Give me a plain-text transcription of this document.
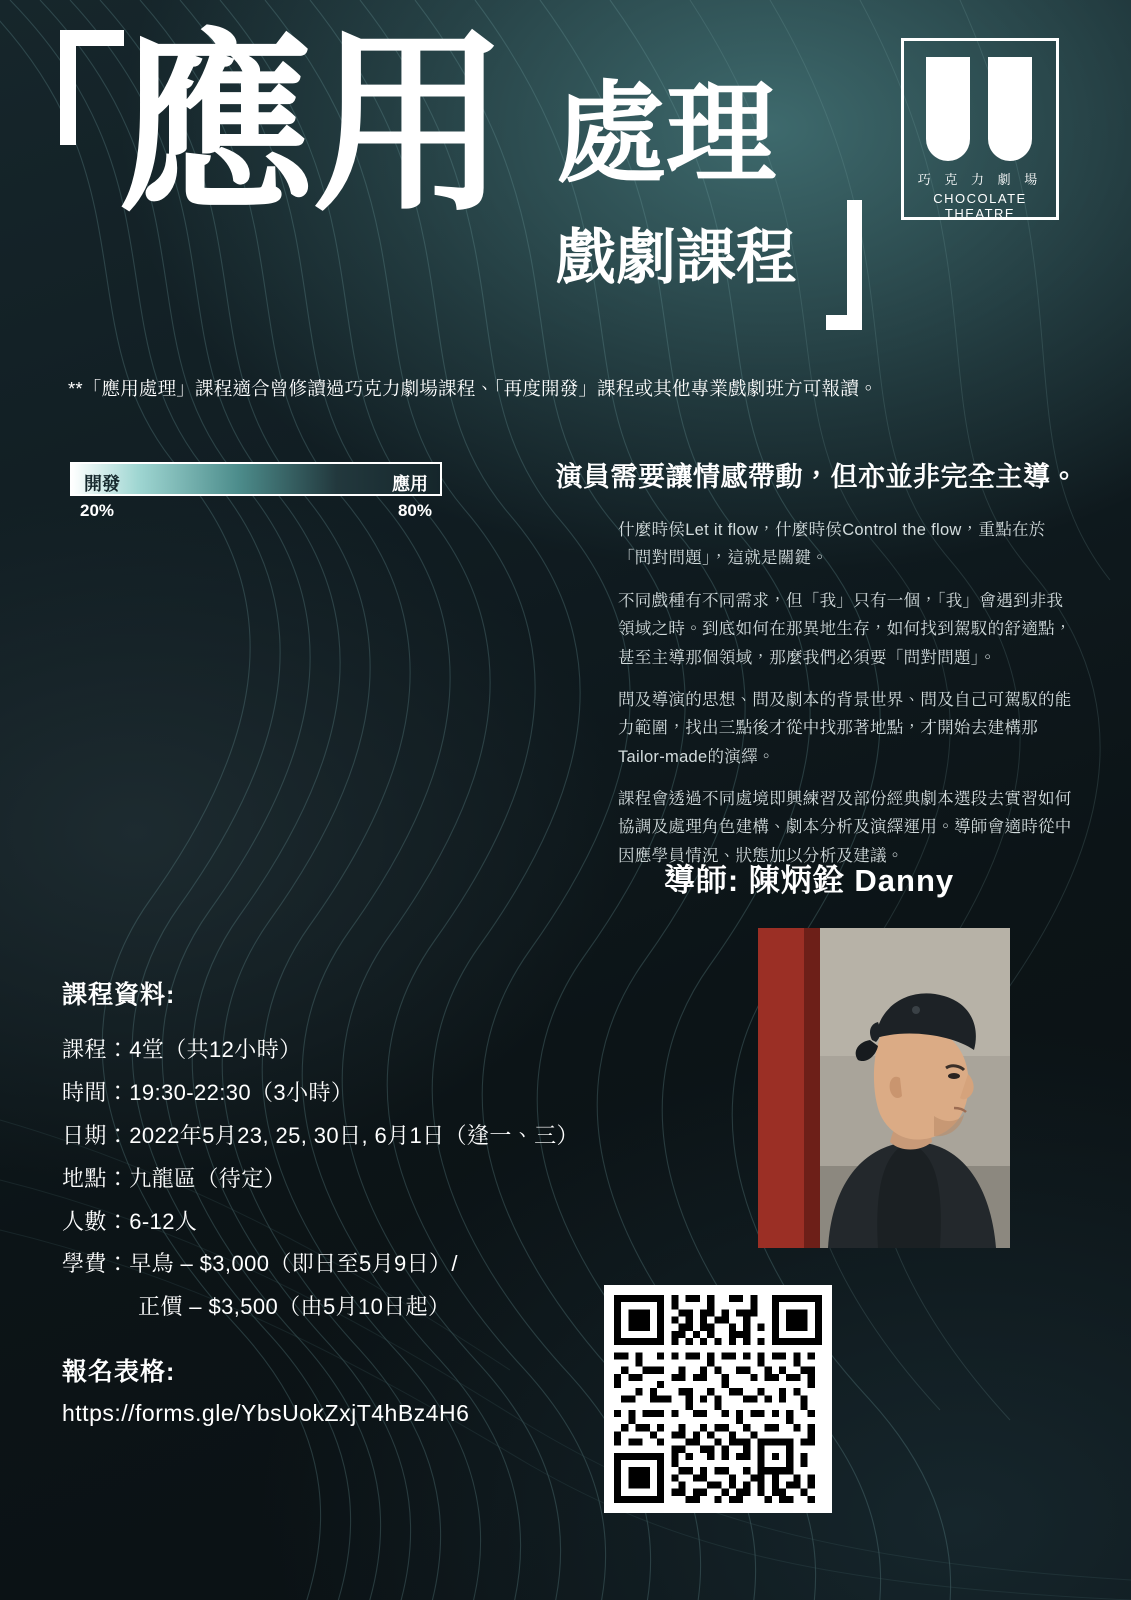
應用 處理
戲劇課程
巧 克 力 劇 場
CHOCOLATE THEATRE
**「應用處理」課程適合曾修讀過巧克力劇場課程、「再度開發」課程或其他專業戲劇班方可報讀。
開發	應用
20%	80%
演員需要讓情感帶動，但亦並非完全主導。

什麼時侯Let it flow，什麼時侯Control the flow，重點在於「問對問題」，這就是關鍵。

不同戲種有不同需求，但「我」只有一個，「我」會遇到非我領域之時。到底如何在那異地生存，如何找到駕馭的舒適點，甚至主導那個領域，那麼我們必須要「問對問題」。

問及導演的思想、問及劇本的背景世界、問及自己可駕馭的能力範圍，找出三點後才從中找那著地點，才開始去建構那Tailor-made的演繹。

課程會透過不同處境即興練習及部份經典劇本選段去實習如何協調及處理角色建構、劇本分析及演繹運用。導師會適時從中因應學員情況、狀態加以分析及建議。

導師: 陳炳銓 Danny
課程資料:
課程：4堂（共12小時）
時間：19:30-22:30（3小時）
日期：2022年5月23, 25, 30日, 6月1日（逢一、三）
地點：九龍區（待定）
人數：6-12人
學費：早鳥 – $3,000（即日至5月9日）/
正價 – $3,500（由5月10日起）
報名表格:
https://forms.gle/YbsUokZxjT4hBz4H6
